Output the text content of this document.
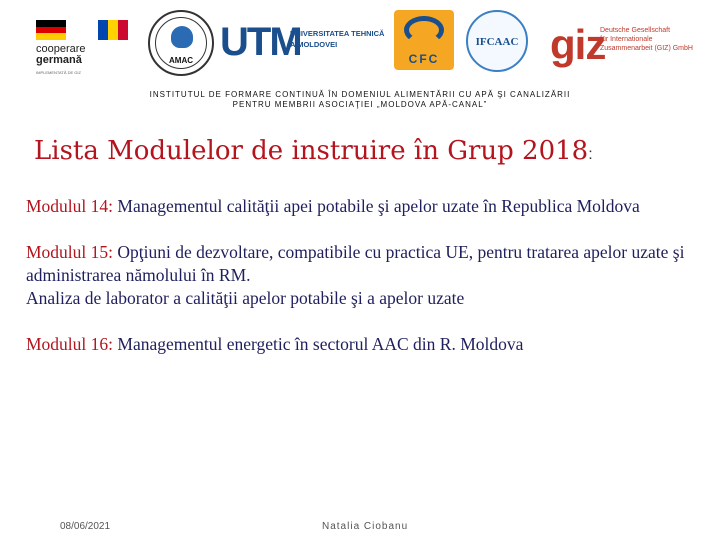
cooperare
germană
IMPLEMENTATĂ DE GIZ
AMAC UTM
UNIVERSITATEA TEHNICĂ
A MOLDOVEI
CFC
IFCAAC giz
Deutsche Gesellschaft
für Internationale
Zusammenarbeit (GIZ) GmbH
INSTITUTUL DE FORMARE CONTINUĂ ÎN DOMENIUL ALIMENTĂRII CU APĂ ŞI CANALIZĂRII
PENTRU MEMBRII ASOCIAŢIEI „MOLDOVA APĂ-CANAL”
Lista Modulelor de instruire în Grup 2018:
Modulul 14: Managementul calităţii apei potabile şi apelor uzate în Republica Moldova
Modulul 15: Opţiuni de dezvoltare, compatibile cu practica UE, pentru tratarea apelor uzate şi administrarea nămolului în RM.
Analiza de laborator a calităţii apelor potabile şi a apelor uzate
Modulul 16: Managementul energetic în sectorul AAC din R. Moldova
08/06/2021	Natalia Ciobanu
